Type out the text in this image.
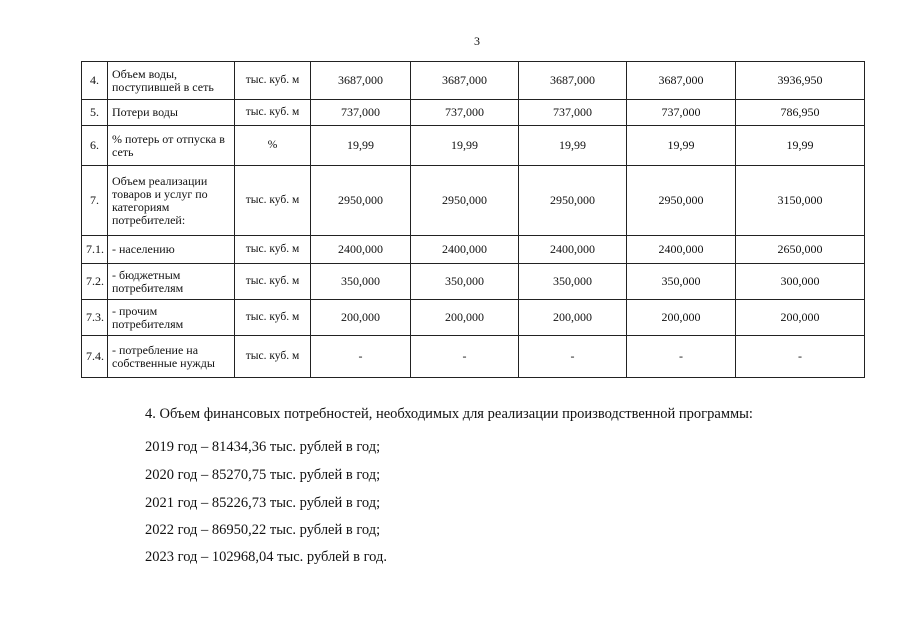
3
4.	Объем воды, поступившей в сеть	тыс. куб. м	3687,000	3687,000	3687,000	3687,000	3936,950
5.	Потери воды	тыс. куб. м	737,000	737,000	737,000	737,000	786,950
6.	% потерь от отпуска в сеть	%	19,99	19,99	19,99	19,99	19,99
7.	Объем реализации товаров и услуг по категориям потребителей:	тыс. куб. м	2950,000	2950,000	2950,000	2950,000	3150,000
7.1.	- населению	тыс. куб. м	2400,000	2400,000	2400,000	2400,000	2650,000
7.2.	- бюджетным потребителям	тыс. куб. м	350,000	350,000	350,000	350,000	300,000
7.3.	- прочим потребителям	тыс. куб. м	200,000	200,000	200,000	200,000	200,000
7.4.	- потребление на собственные нужды	тыс. куб. м	-	-	-	-	-
4. Объем финансовых потребностей, необходимых для реализации производственной программы:
2019 год – 81434,36 тыс. рублей в год;
2020 год – 85270,75 тыс. рублей в год;
2021 год – 85226,73 тыс. рублей в год;
2022 год – 86950,22 тыс. рублей в год;
2023 год – 102968,04 тыс. рублей в год.
